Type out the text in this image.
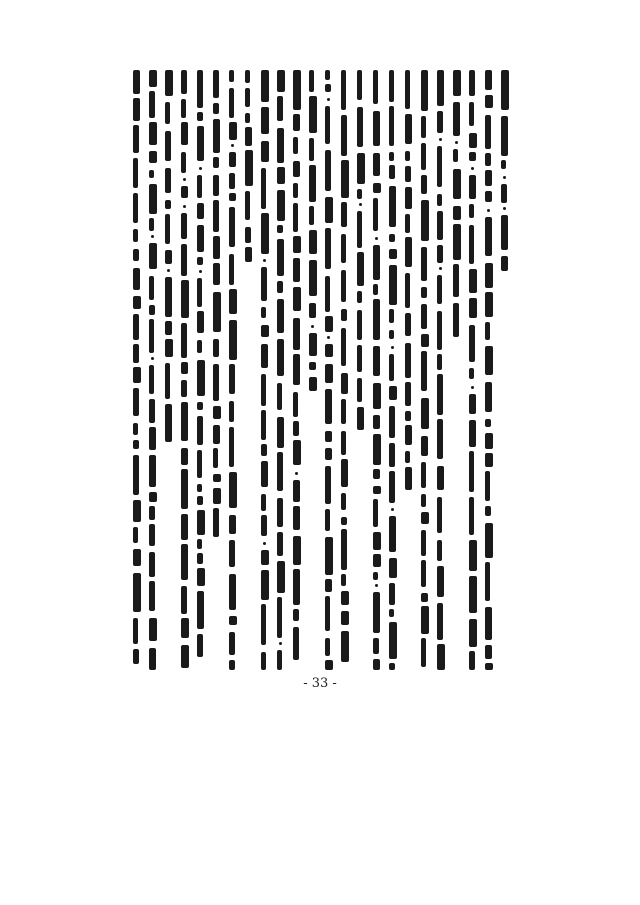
- 33 -
